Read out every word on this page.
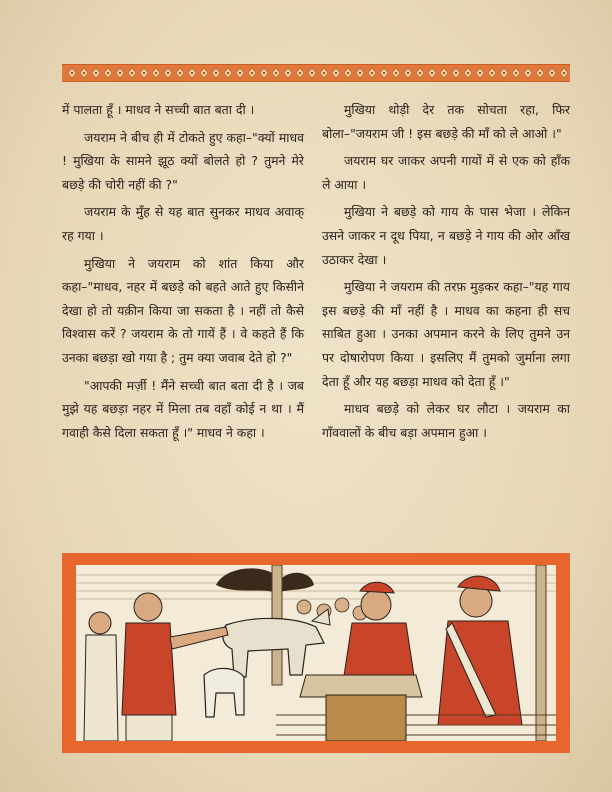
में पालता हूँ । माधव ने सच्ची बात बता दी ।

जयराम ने बीच ही में टोकते हुए कहा–"क्यों माधव ! मुखिया के सामने झूठ क्यों बोलते हो ? तुमने मेरे बछड़े की चोरी नहीं की ?"

जयराम के मुँह से यह बात सुनकर माधव अवाक् रह गया ।

मुखिया ने जयराम को शांत किया और कहा–"माधव, नहर में बछड़े को बहते आते हुए किसीने देखा हो तो यक़ीन किया जा सकता है । नहीं तो कैसे विश्वास करें ? जयराम के तो गायें हैं । वे कहते हैं कि उनका बछड़ा खो गया है ; तुम क्या जवाब देते हो ?"

"आपकी मर्ज़ी ! मैंने सच्ची बात बता दी है । जब मुझे यह बछड़ा नहर में मिला तब वहाँ कोई न था । मैं गवाही कैसे दिला सकता हूँ ।" माधव ने कहा ।

मुखिया थोड़ी देर तक सोचता रहा, फिर बोला–"जयराम जी ! इस बछड़े की माँ को ले आओ ।"

जयराम घर जाकर अपनी गायों में से एक को हाँक ले आया ।

मुखिया ने बछड़े को गाय के पास भेजा । लेकिन उसने जाकर न दूध पिया, न बछड़े ने गाय की ओर आँख उठाकर देखा ।

मुखिया ने जयराम की तरफ़ मुड़कर कहा–"यह गाय इस बछड़े की माँ नहीं है । माधव का कहना ही सच साबित हुआ । उनका अपमान करने के लिए तुमने उन पर दोषारोपण किया । इसलिए मैं तुमको जुर्माना लगा देता हूँ और यह बछड़ा माधव को देता हूँ ।"

माधव बछड़े को लेकर घर लौटा । जयराम का गाँववालों के बीच बड़ा अपमान हुआ ।
